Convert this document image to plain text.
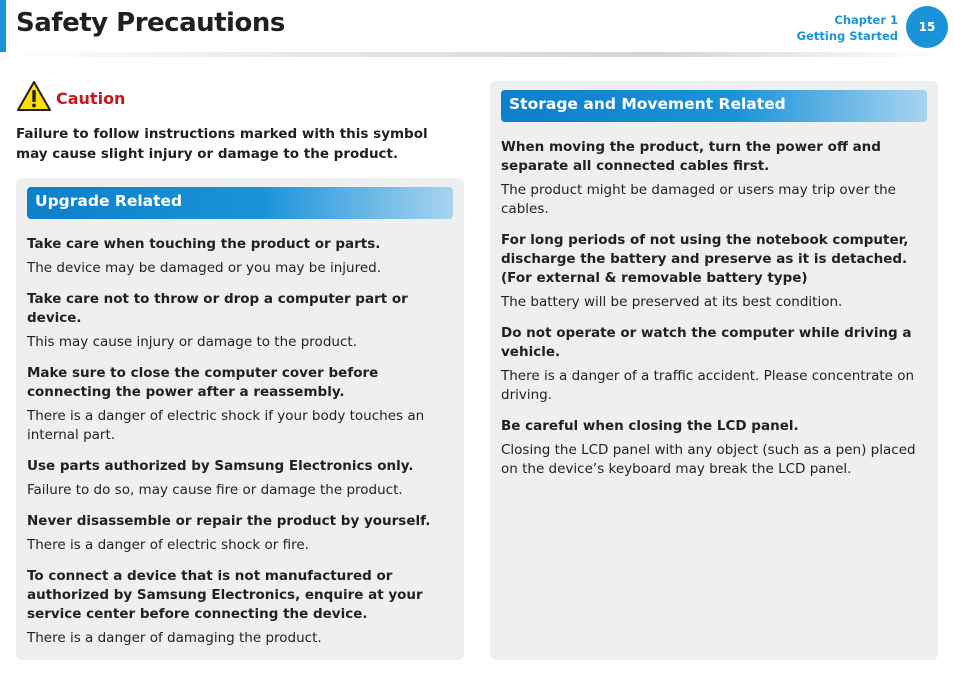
Safety Precautions	Chapter 1
Getting Started
15
Caution

Failure to follow instructions marked with this symbol may cause slight injury or damage to the product.

Upgrade Related
Take care when touching the product or parts.
The device may be damaged or you may be injured.
Take care not to throw or drop a computer part or device.
This may cause injury or damage to the product.
Make sure to close the computer cover before connecting the power after a reassembly.
There is a danger of electric shock if your body touches an internal part.
Use parts authorized by Samsung Electronics only.
Failure to do so, may cause fire or damage the product.
Never disassemble or repair the product by yourself.
There is a danger of electric shock or fire.
To connect a device that is not manufactured or authorized by Samsung Electronics, enquire at your service center before connecting the device.
There is a danger of damaging the product.
Storage and Movement Related
When moving the product, turn the power off and separate all connected cables first.
The product might be damaged or users may trip over the cables.
For long periods of not using the notebook computer, discharge the battery and preserve as it is detached.
(For external & removable battery type)
The battery will be preserved at its best condition.
Do not operate or watch the computer while driving a vehicle.
There is a danger of a traffic accident. Please concentrate on driving.
Be careful when closing the LCD panel.
Closing the LCD panel with any object (such as a pen) placed on the device’s keyboard may break the LCD panel.
